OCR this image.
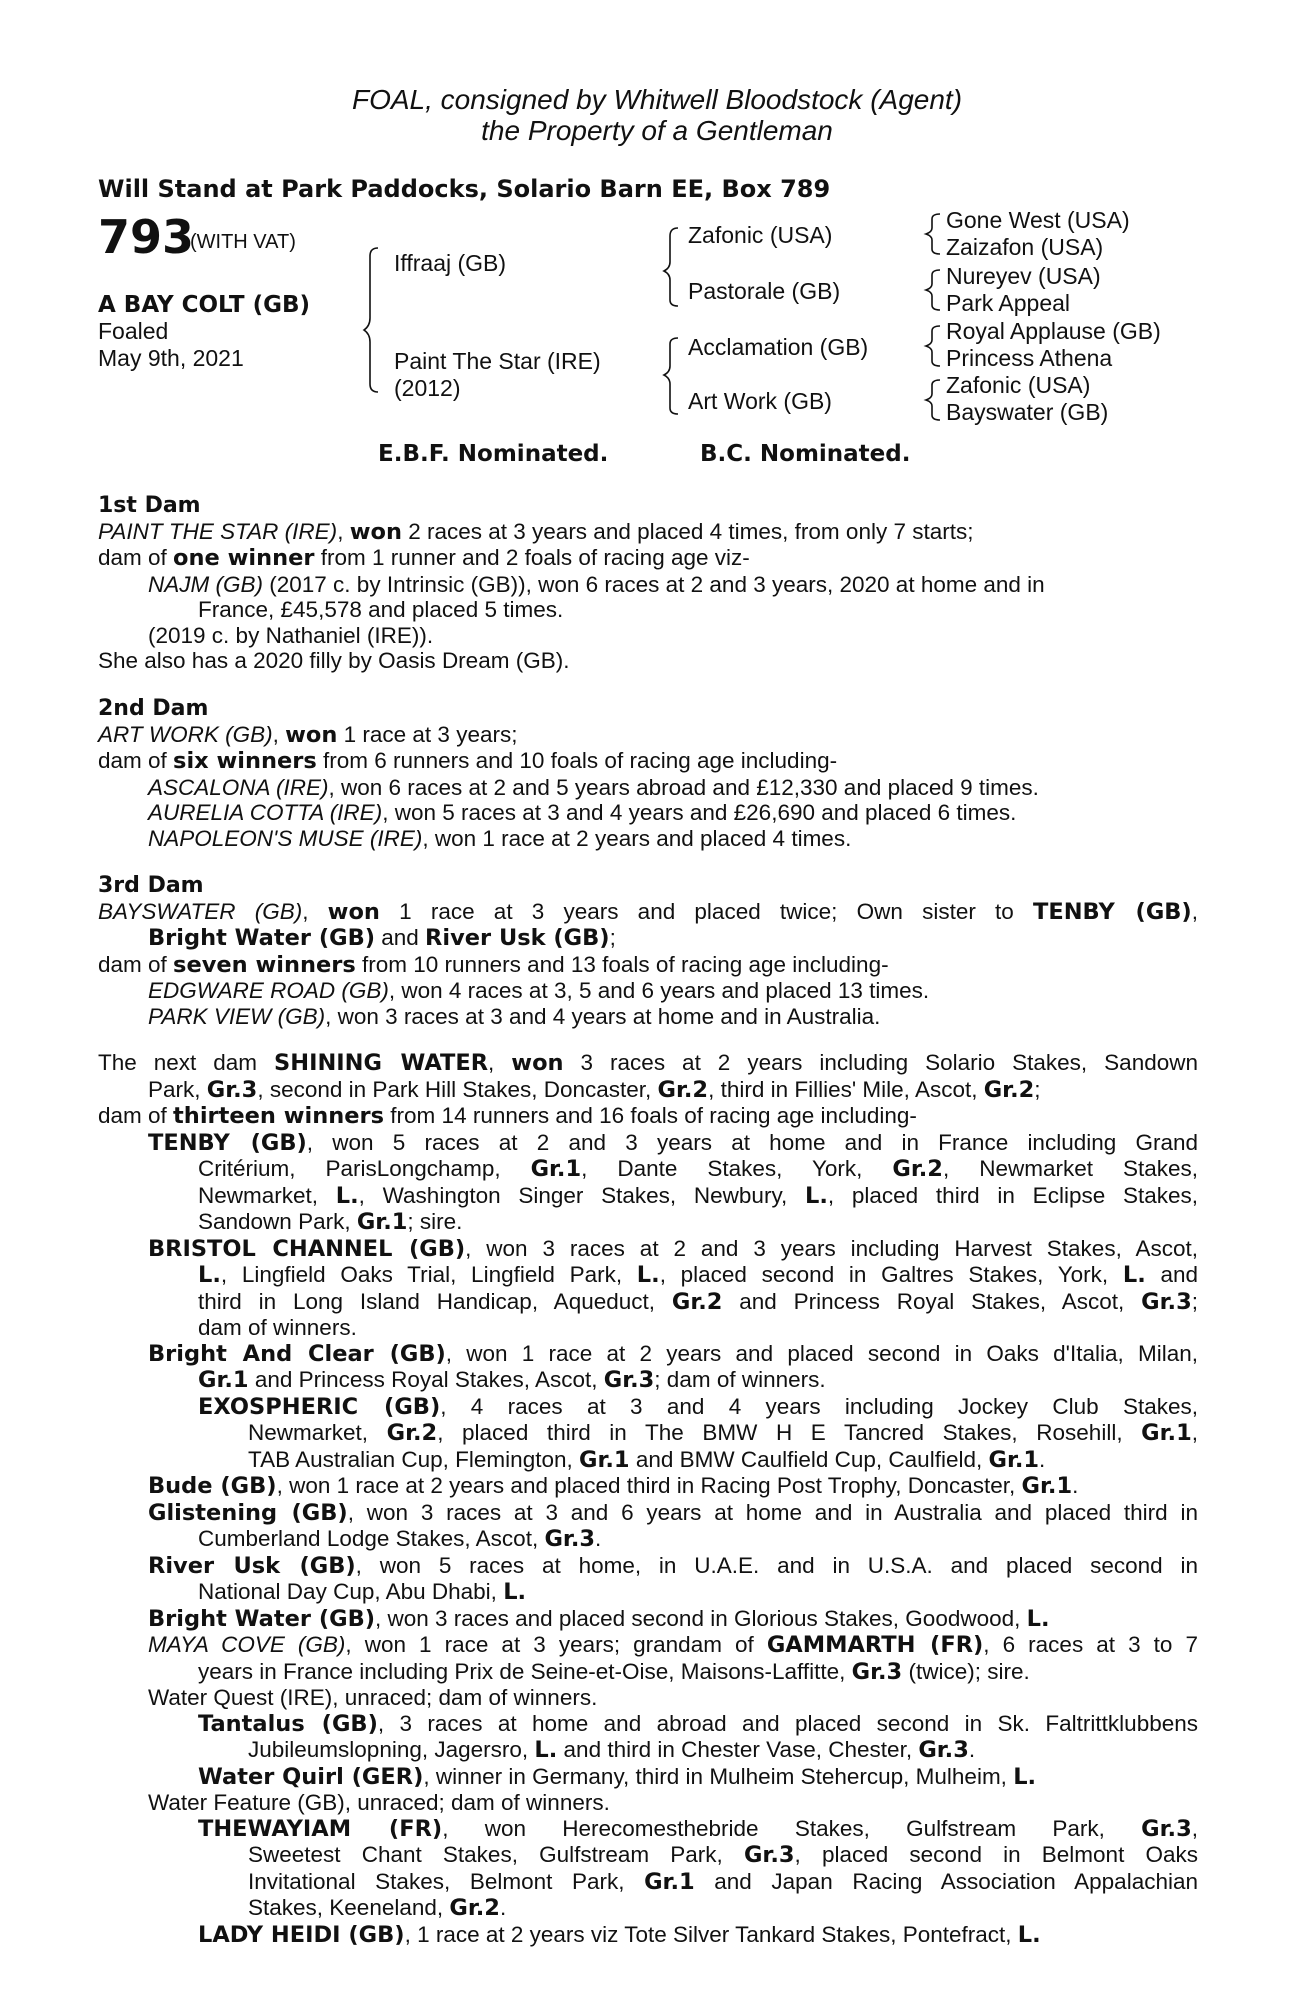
FOAL, consigned by Whitwell Bloodstock (Agent)
the Property of a Gentleman
Will Stand at Park Paddocks, Solario Barn EE, Box 789
793
(WITH VAT)
A BAY COLT (GB)
Foaled
May 9th, 2021
Iffraaj (GB)
Paint The Star (IRE)
(2012)
Zafonic (USA)
Pastorale (GB)
Acclamation (GB)
Art Work (GB)
Gone West (USA)
Zaizafon (USA)
Nureyev (USA)
Park Appeal
Royal Applause (GB)
Princess Athena
Zafonic (USA)
Bayswater (GB)
E.B.F. Nominated.	B.C. Nominated.
1st Dam
PAINT THE STAR (IRE), won 2 races at 3 years and placed 4 times, from only 7 starts;
dam of one winner from 1 runner and 2 foals of racing age viz-
NAJM (GB) (2017 c. by Intrinsic (GB)), won 6 races at 2 and 3 years, 2020 at home and in
France, £45,578 and placed 5 times.
(2019 c. by Nathaniel (IRE)).
She also has a 2020 filly by Oasis Dream (GB).
2nd Dam
ART WORK (GB), won 1 race at 3 years;
dam of six winners from 6 runners and 10 foals of racing age including-
ASCALONA (IRE), won 6 races at 2 and 5 years abroad and £12,330 and placed 9 times.
AURELIA COTTA (IRE), won 5 races at 3 and 4 years and £26,690 and placed 6 times.
NAPOLEON'S MUSE (IRE), won 1 race at 2 years and placed 4 times.
3rd Dam
BAYSWATER (GB), won 1 race at 3 years and placed twice; Own sister to TENBY (GB),
Bright Water (GB) and River Usk (GB);
dam of seven winners from 10 runners and 13 foals of racing age including-
EDGWARE ROAD (GB), won 4 races at 3, 5 and 6 years and placed 13 times.
PARK VIEW (GB), won 3 races at 3 and 4 years at home and in Australia.
The next dam SHINING WATER, won 3 races at 2 years including Solario Stakes, Sandown
Park, Gr.3, second in Park Hill Stakes, Doncaster, Gr.2, third in Fillies' Mile, Ascot, Gr.2;
dam of thirteen winners from 14 runners and 16 foals of racing age including-
TENBY (GB), won 5 races at 2 and 3 years at home and in France including Grand
Critérium, ParisLongchamp, Gr.1, Dante Stakes, York, Gr.2, Newmarket Stakes,
Newmarket, L., Washington Singer Stakes, Newbury, L., placed third in Eclipse Stakes,
Sandown Park, Gr.1; sire.
BRISTOL CHANNEL (GB), won 3 races at 2 and 3 years including Harvest Stakes, Ascot,
L., Lingfield Oaks Trial, Lingfield Park, L., placed second in Galtres Stakes, York, L. and
third in Long Island Handicap, Aqueduct, Gr.2 and Princess Royal Stakes, Ascot, Gr.3;
dam of winners.
Bright And Clear (GB), won 1 race at 2 years and placed second in Oaks d'Italia, Milan,
Gr.1 and Princess Royal Stakes, Ascot, Gr.3; dam of winners.
EXOSPHERIC (GB), 4 races at 3 and 4 years including Jockey Club Stakes,
Newmarket, Gr.2, placed third in The BMW H E Tancred Stakes, Rosehill, Gr.1,
TAB Australian Cup, Flemington, Gr.1 and BMW Caulfield Cup, Caulfield, Gr.1.
Bude (GB), won 1 race at 2 years and placed third in Racing Post Trophy, Doncaster, Gr.1.
Glistening (GB), won 3 races at 3 and 6 years at home and in Australia and placed third in
Cumberland Lodge Stakes, Ascot, Gr.3.
River Usk (GB), won 5 races at home, in U.A.E. and in U.S.A. and placed second in
National Day Cup, Abu Dhabi, L.
Bright Water (GB), won 3 races and placed second in Glorious Stakes, Goodwood, L.
MAYA COVE (GB), won 1 race at 3 years; grandam of GAMMARTH (FR), 6 races at 3 to 7
years in France including Prix de Seine-et-Oise, Maisons-Laffitte, Gr.3 (twice); sire.
Water Quest (IRE), unraced; dam of winners.
Tantalus (GB), 3 races at home and abroad and placed second in Sk. Faltrittklubbens
Jubileumslopning, Jagersro, L. and third in Chester Vase, Chester, Gr.3.
Water Quirl (GER), winner in Germany, third in Mulheim Stehercup, Mulheim, L.
Water Feature (GB), unraced; dam of winners.
THEWAYIAM (FR), won Herecomesthebride Stakes, Gulfstream Park, Gr.3,
Sweetest Chant Stakes, Gulfstream Park, Gr.3, placed second in Belmont Oaks
Invitational Stakes, Belmont Park, Gr.1 and Japan Racing Association Appalachian
Stakes, Keeneland, Gr.2.
LADY HEIDI (GB), 1 race at 2 years viz Tote Silver Tankard Stakes, Pontefract, L.
